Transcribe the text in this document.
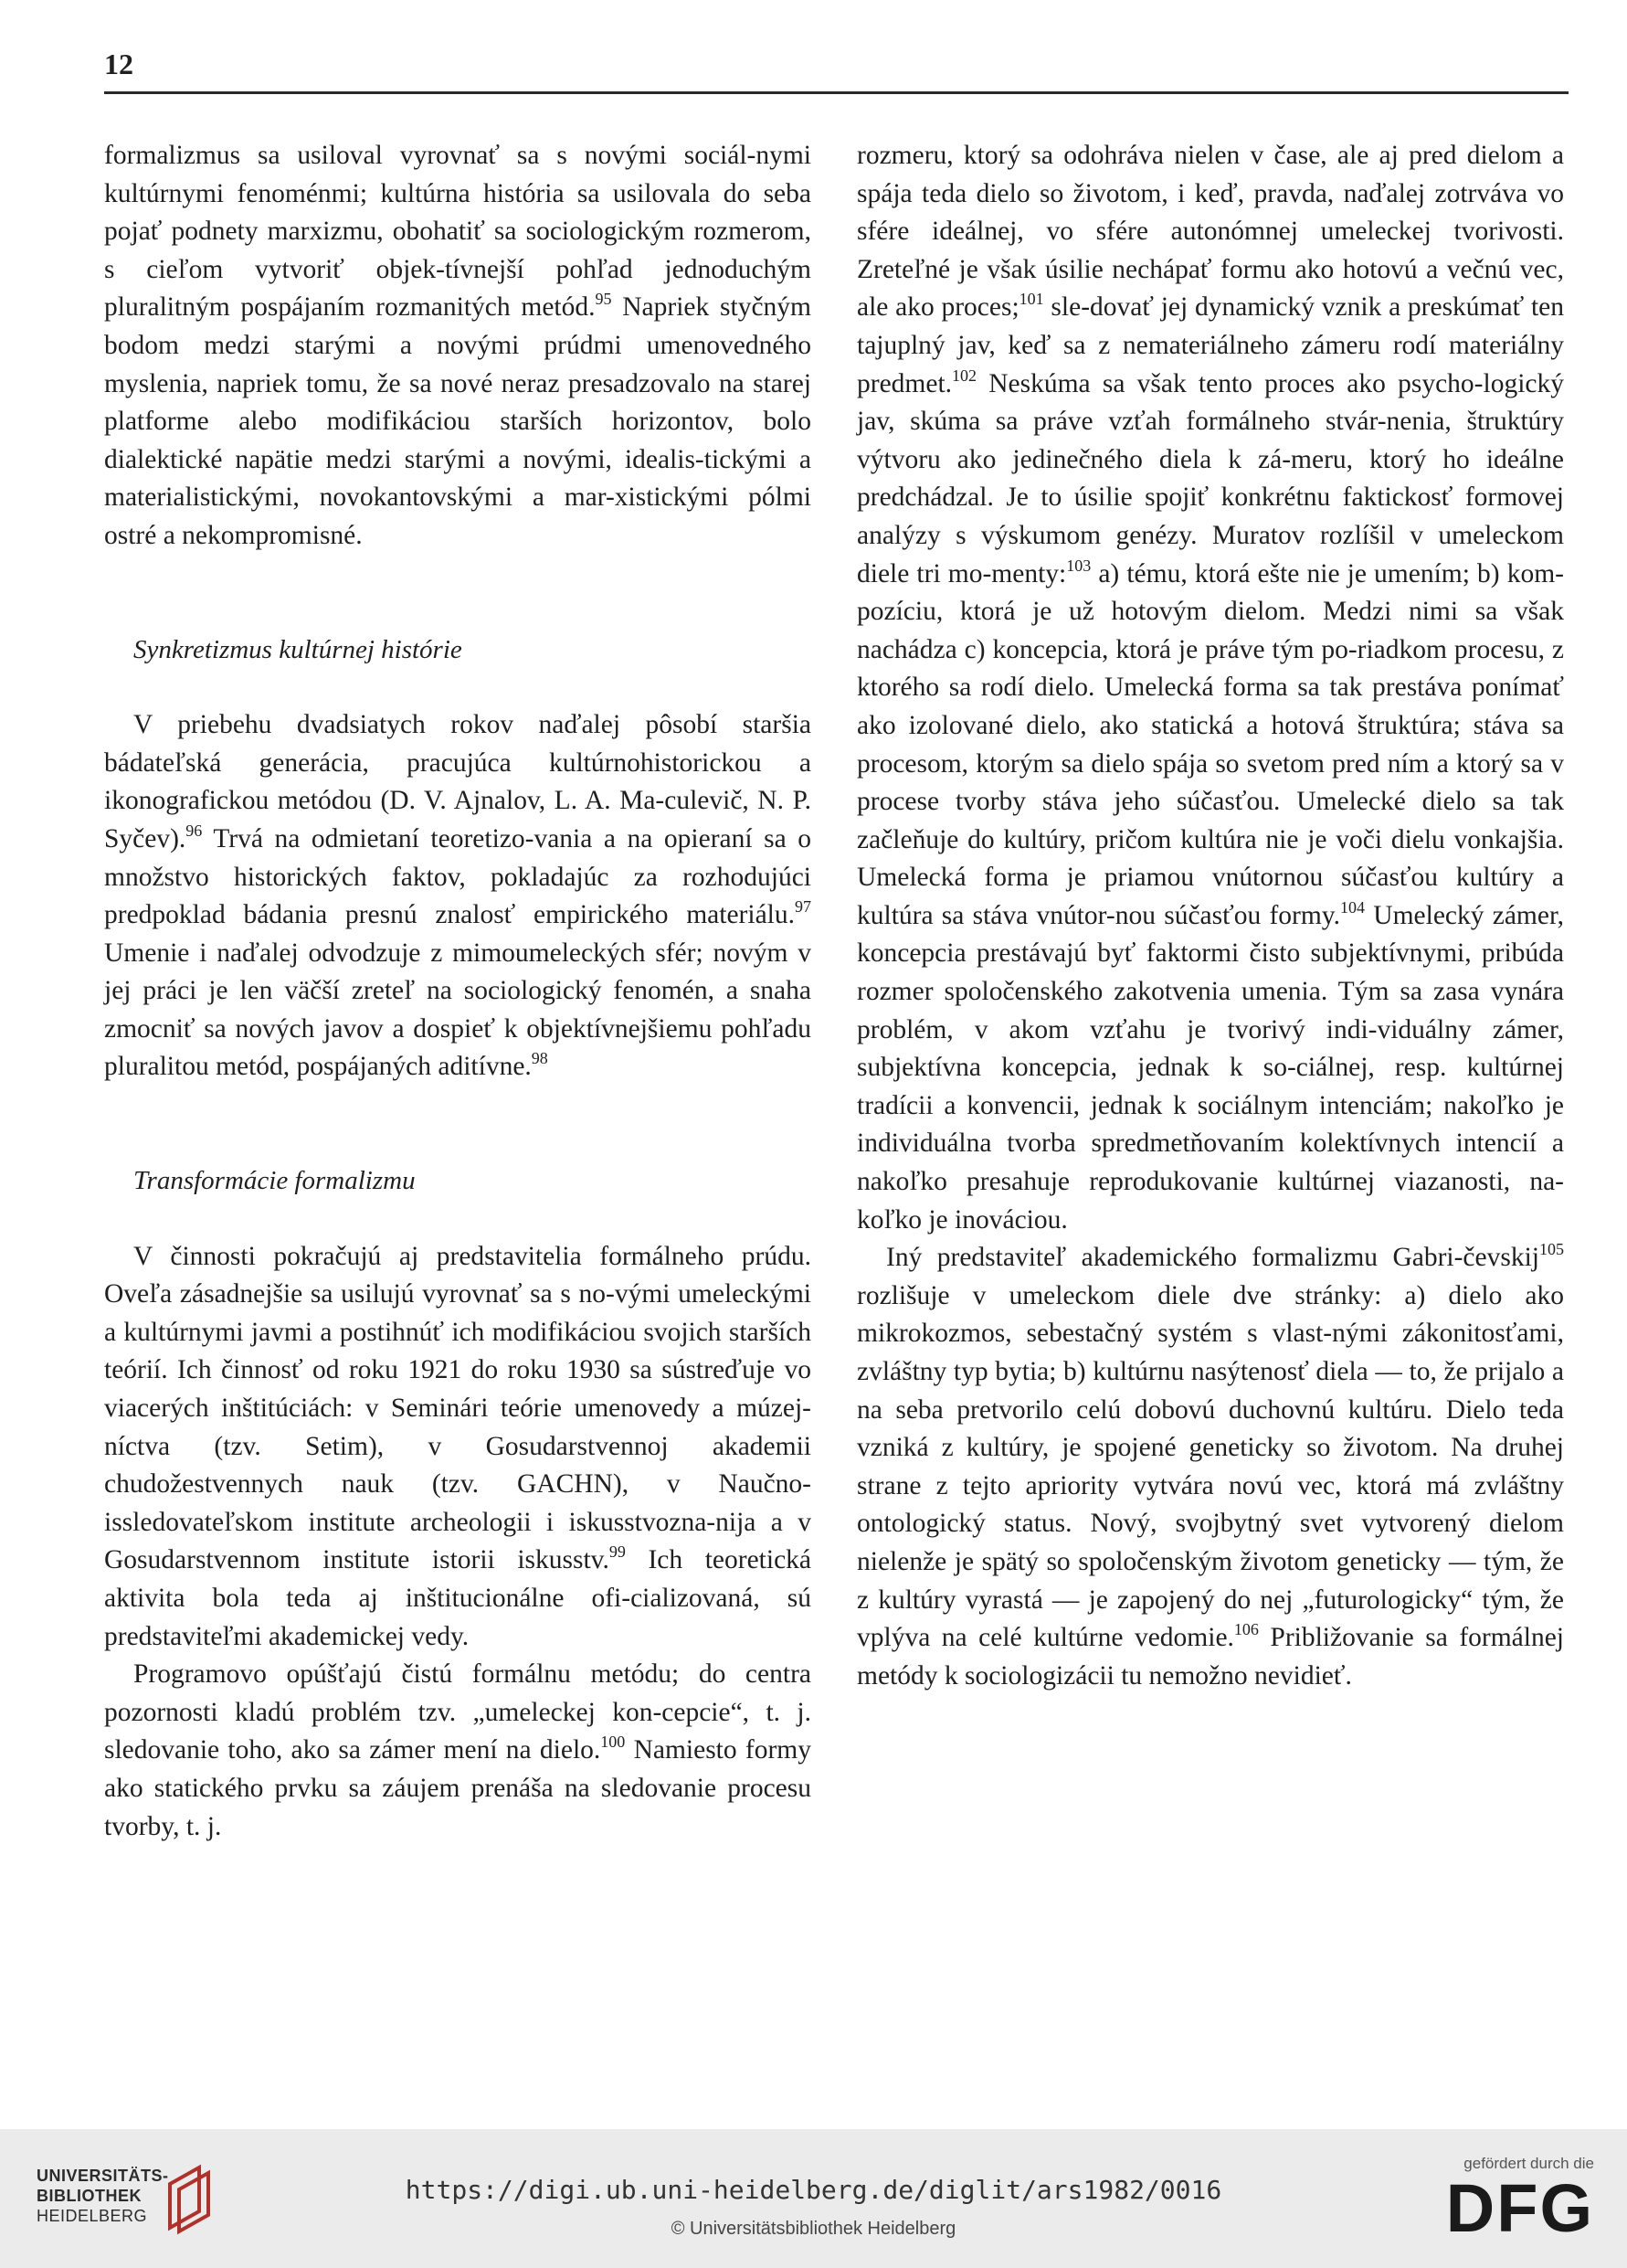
12

formalizmus sa usiloval vyrovnať sa s novými sociál-nymi kultúrnymi fenoménmi; kultúrna história sa usilovala do seba pojať podnety marxizmu, obohatiť sa sociologickým rozmerom, s cieľom vytvoriť objek-tívnejší pohľad jednoduchým pluralitným pospájaním rozmanitých metód.$^{95}$ Napriek styčným bodom medzi starými a novými prúdmi umenovedného myslenia, napriek tomu, že sa nové neraz presadzovalo na starej platforme alebo modifikáciou starších horizontov, bolo dialektické napätie medzi starými a novými, idealis-tickými a materialistickými, novokantovskými a mar-xistickými pólmi ostré a nekompromisné.

Synkretizmus kultúrnej histórie

V priebehu dvadsiatych rokov naďalej pôsobí staršia bádateľská generácia, pracujúca kultúrnohistorickou a ikonografickou metódou (D. V. Ajnalov, L. A. Ma-culevič, N. P. Syčev).$^{96}$ Trvá na odmietaní teoretizo-vania a na opieraní sa o množstvo historických faktov, pokladajúc za rozhodujúci predpoklad bádania presnú znalosť empirického materiálu.$^{97}$ Umenie i naďalej odvodzuje z mimoumeleckých sfér; novým v jej práci je len väčší zreteľ na sociologický fenomén, a snaha zmocniť sa nových javov a dospieť k objektívnejšiemu pohľadu pluralitou metód, pospájaných aditívne.$^{98}$

Transformácie formalizmu

V činnosti pokračujú aj predstavitelia formálneho prúdu. Oveľa zásadnejšie sa usilujú vyrovnať sa s no-vými umeleckými a kultúrnymi javmi a postihnúť ich modifikáciou svojich starších teórií. Ich činnosť od roku 1921 do roku 1930 sa sústreďuje vo viacerých inštitúciách: v Seminári teórie umenovedy a múzej-níctva (tzv. Setim), v Gosudarstvennoj akademii chudožestvennych nauk (tzv. GACHN), v Naučno-issledovateľskom institute archeologii i iskusstvozna-nija a v Gosudarstvennom institute istorii iskusstv.$^{99}$ Ich teoretická aktivita bola teda aj inštitucionálne ofi-cializovaná, sú predstaviteľmi akademickej vedy.

Programovo opúšťajú čistú formálnu metódu; do centra pozornosti kladú problém tzv. „umeleckej kon-cepcie“, t. j. sledovanie toho, ako sa zámer mení na dielo.$^{100}$ Namiesto formy ako statického prvku sa záujem prenáša na sledovanie procesu tvorby, t. j.

rozmeru, ktorý sa odohráva nielen v čase, ale aj pred dielom a spája teda dielo so životom, i keď, pravda, naďalej zotrváva vo sfére ideálnej, vo sfére autonómnej umeleckej tvorivosti. Zreteľné je však úsilie nechápať formu ako hotovú a večnú vec, ale ako proces;$^{101}$ sle-dovať jej dynamický vznik a preskúmať ten tajuplný jav, keď sa z nemateriálneho zámeru rodí materiálny predmet.$^{102}$ Neskúma sa však tento proces ako psycho-logický jav, skúma sa práve vzťah formálneho stvár-nenia, štruktúry výtvoru ako jedinečného diela k zá-meru, ktorý ho ideálne predchádzal. Je to úsilie spojiť konkrétnu faktickosť formovej analýzy s výskumom genézy. Muratov rozlíšil v umeleckom diele tri mo-menty:$^{103}$ a) tému, ktorá ešte nie je umením; b) kom-pozíciu, ktorá je už hotovým dielom. Medzi nimi sa však nachádza c) koncepcia, ktorá je práve tým po-riadkom procesu, z ktorého sa rodí dielo. Umelecká forma sa tak prestáva ponímať ako izolované dielo, ako statická a hotová štruktúra; stáva sa procesom, ktorým sa dielo spája so svetom pred ním a ktorý sa v procese tvorby stáva jeho súčasťou. Umelecké dielo sa tak začleňuje do kultúry, pričom kultúra nie je voči dielu vonkajšia. Umelecká forma je priamou vnútornou súčasťou kultúry a kultúra sa stáva vnútor-nou súčasťou formy.$^{104}$ Umelecký zámer, koncepcia prestávajú byť faktormi čisto subjektívnymi, pribúda rozmer spoločenského zakotvenia umenia. Tým sa zasa vynára problém, v akom vzťahu je tvorivý indi-viduálny zámer, subjektívna koncepcia, jednak k so-ciálnej, resp. kultúrnej tradícii a konvencii, jednak k sociálnym intenciám; nakoľko je individuálna tvorba spredmetňovaním kolektívnych intencií a nakoľko presahuje reprodukovanie kultúrnej viazanosti, na-koľko je inováciou.

Iný predstaviteľ akademického formalizmu Gabri-čevskij$^{105}$ rozlišuje v umeleckom diele dve stránky: a) dielo ako mikrokozmos, sebestačný systém s vlast-nými zákonitosťami, zvláštny typ bytia; b) kultúrnu nasýtenosť diela — to, že prijalo a na seba pretvorilo celú dobovú duchovnú kultúru. Dielo teda vzniká z kultúry, je spojené geneticky so životom. Na druhej strane z tejto apriority vytvára novú vec, ktorá má zvláštny ontologický status. Nový, svojbytný svet vytvorený dielom nielenže je spätý so spoločenským životom geneticky — tým, že z kultúry vyrastá — je zapojený do nej „futurologicky“ tým, že vplýva na celé kultúrne vedomie.$^{106}$ Približovanie sa formálnej metódy k sociologizácii tu nemožno nevidieť.

UNIVERSITÄTS-
BIBLIOTHEK
HEIDELBERG
https://digi.ub.uni-heidelberg.de/diglit/ars1982/0016
© Universitätsbibliothek Heidelberg
gefördert durch die
DFG
